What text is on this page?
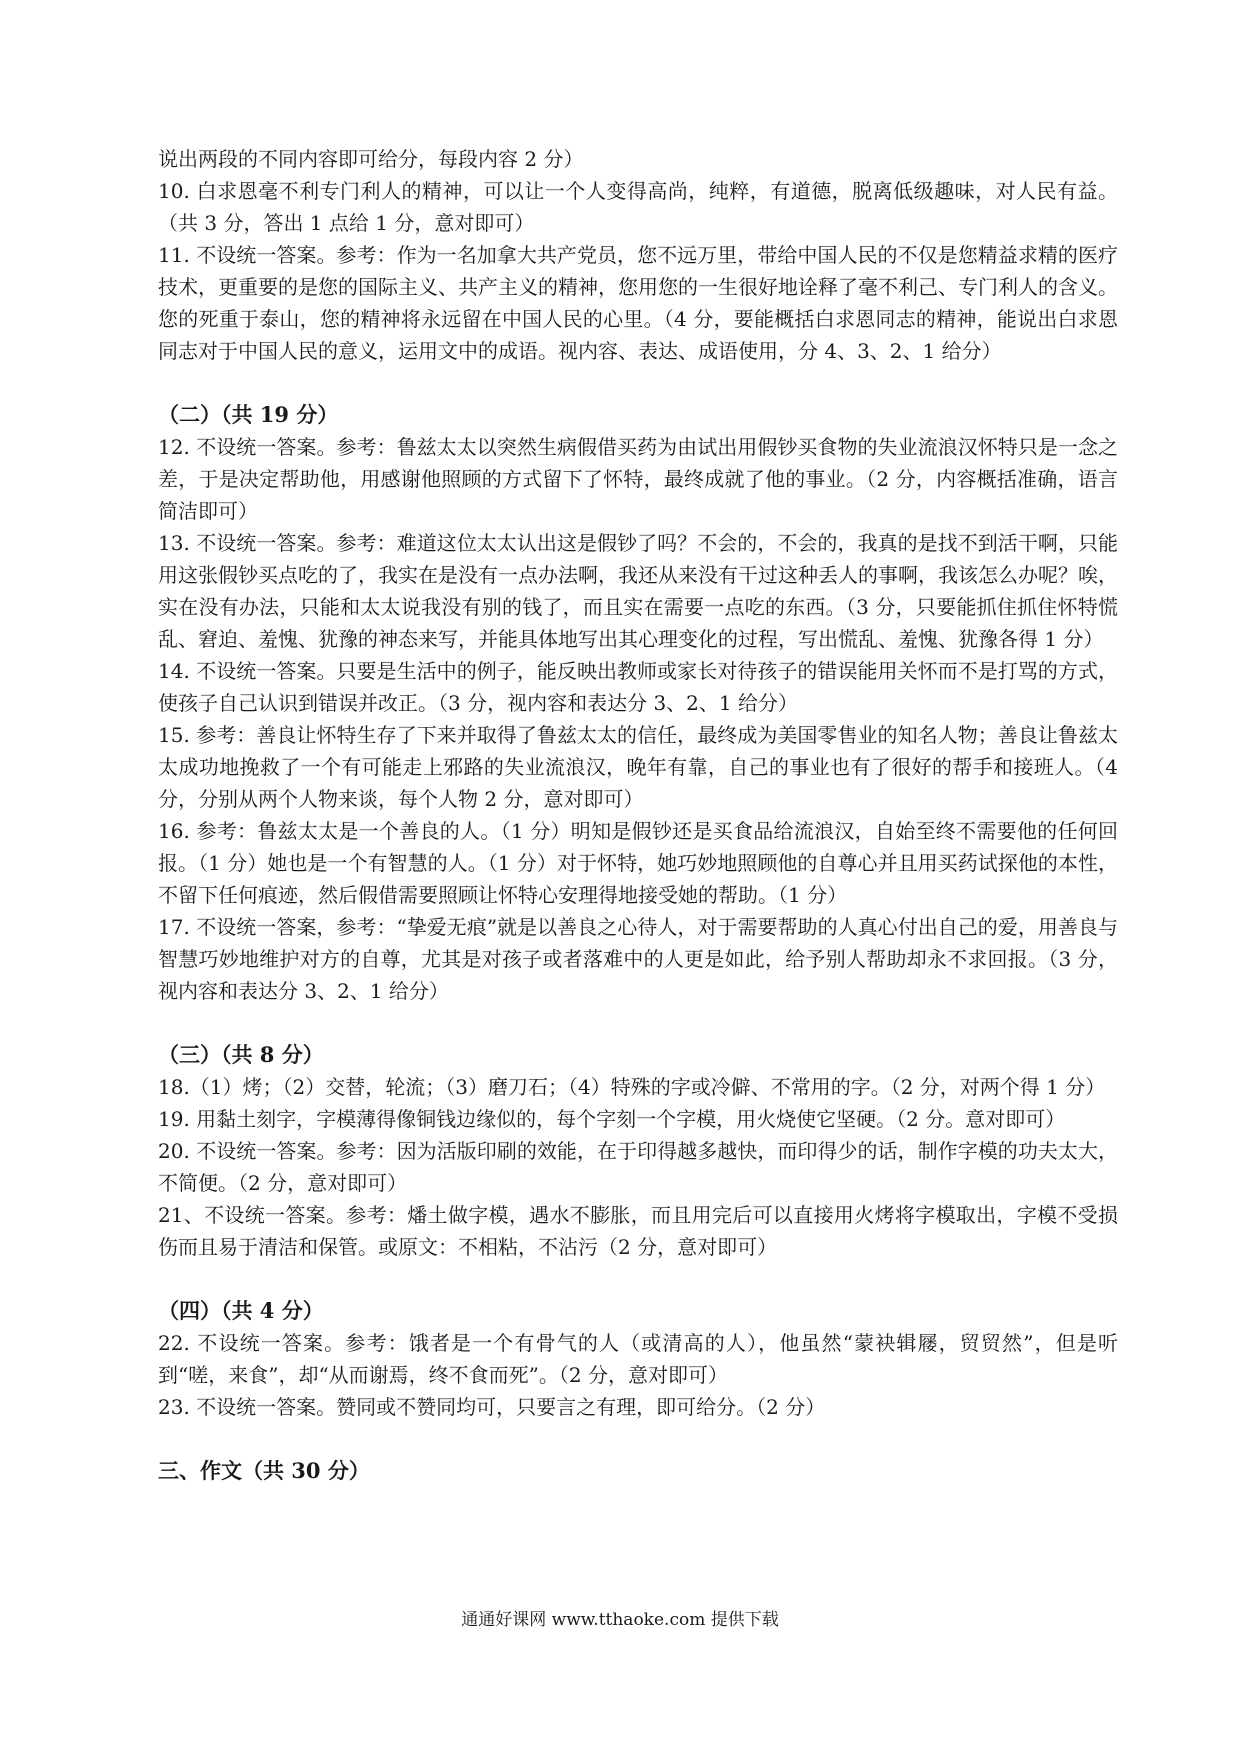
说出两段的不同内容即可给分，每段内容 2 分）

10. 白求恩毫不利专门利人的精神，可以让一个人变得高尚，纯粹，有道德，脱离低级趣味，对人民有益。（共 3 分，答出 1 点给 1 分，意对即可）

11. 不设统一答案。参考：作为一名加拿大共产党员，您不远万里，带给中国人民的不仅是您精益求精的医疗技术，更重要的是您的国际主义、共产主义的精神，您用您的一生很好地诠释了毫不利己、专门利人的含义。您的死重于泰山，您的精神将永远留在中国人民的心里。（4 分，要能概括白求恩同志的精神，能说出白求恩同志对于中国人民的意义，运用文中的成语。视内容、表达、成语使用，分 4、3、2、1 给分）

（二）（共 19 分）

12. 不设统一答案。参考：鲁兹太太以突然生病假借买药为由试出用假钞买食物的失业流浪汉怀特只是一念之差，于是决定帮助他，用感谢他照顾的方式留下了怀特，最终成就了他的事业。（2 分，内容概括准确，语言简洁即可）

13. 不设统一答案。参考：难道这位太太认出这是假钞了吗？不会的，不会的，我真的是找不到活干啊，只能用这张假钞买点吃的了，我实在是没有一点办法啊，我还从来没有干过这种丢人的事啊，我该怎么办呢？唉，实在没有办法，只能和太太说我没有别的钱了，而且实在需要一点吃的东西。（3 分，只要能抓住抓住怀特慌乱、窘迫、羞愧、犹豫的神态来写，并能具体地写出其心理变化的过程，写出慌乱、羞愧、犹豫各得 1 分）

14. 不设统一答案。只要是生活中的例子，能反映出教师或家长对待孩子的错误能用关怀而不是打骂的方式，使孩子自己认识到错误并改正。（3 分，视内容和表达分 3、2、1 给分）

15. 参考：善良让怀特生存了下来并取得了鲁兹太太的信任，最终成为美国零售业的知名人物；善良让鲁兹太太成功地挽救了一个有可能走上邪路的失业流浪汉，晚年有靠，自己的事业也有了很好的帮手和接班人。（4 分，分别从两个人物来谈，每个人物 2 分，意对即可）

16. 参考：鲁兹太太是一个善良的人。（1 分）明知是假钞还是买食品给流浪汉，自始至终不需要他的任何回报。（1 分）她也是一个有智慧的人。（1 分）对于怀特，她巧妙地照顾他的自尊心并且用买药试探他的本性，不留下任何痕迹，然后假借需要照顾让怀特心安理得地接受她的帮助。（1 分）

17. 不设统一答案，参考：“挚爱无痕”就是以善良之心待人，对于需要帮助的人真心付出自己的爱，用善良与智慧巧妙地维护对方的自尊，尤其是对孩子或者落难中的人更是如此，给予别人帮助却永不求回报。（3 分，视内容和表达分 3、2、1 给分）

（三）（共 8 分）

18.（1）烤；（2）交替，轮流；（3）磨刀石；（4）特殊的字或冷僻、不常用的字。（2 分，对两个得 1 分）

19. 用黏土刻字，字模薄得像铜钱边缘似的，每个字刻一个字模，用火烧使它坚硬。（2 分。意对即可）

20. 不设统一答案。参考：因为活版印刷的效能，在于印得越多越快，而印得少的话，制作字模的功夫太大，不简便。（2 分，意对即可）

21、不设统一答案。参考：燔土做字模，遇水不膨胀，而且用完后可以直接用火烤将字模取出，字模不受损伤而且易于清洁和保管。或原文：不相粘，不沾污（2 分，意对即可）

（四）（共 4 分）

22. 不设统一答案。参考：饿者是一个有骨气的人（或清高的人），他虽然“蒙袂辑屦，贸贸然”，但是听到“嗟，来食”，却“从而谢焉，终不食而死”。（2 分，意对即可）

23. 不设统一答案。赞同或不赞同均可，只要言之有理，即可给分。（2 分）

三、作文（共 30 分）

通通好课网 www.tthaoke.com 提供下载
